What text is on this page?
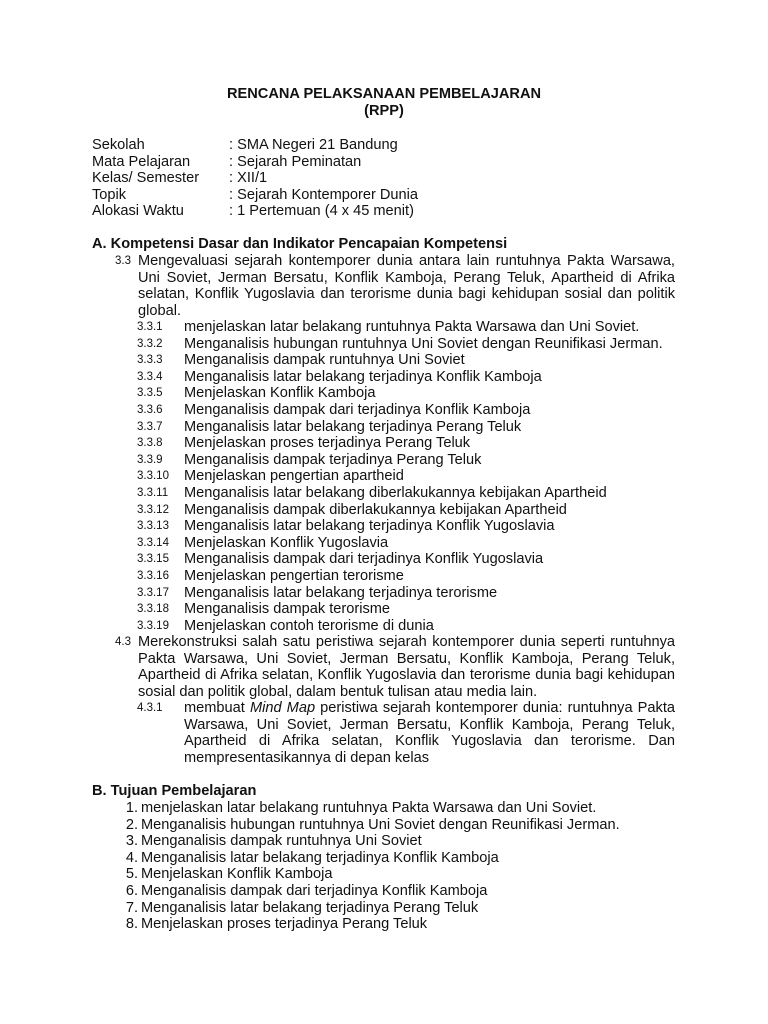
RENCANA PELAKSANAAN PEMBELAJARAN
(RPP)
Sekolah	: SMA Negeri 21 Bandung
Mata Pelajaran	: Sejarah Peminatan
Kelas/ Semester	: XII/1
Topik	: Sejarah Kontemporer Dunia
Alokasi Waktu	: 1 Pertemuan (4 x 45 menit)
A. Kompetensi Dasar dan Indikator Pencapaian Kompetensi
3.3 Mengevaluasi sejarah kontemporer dunia antara lain runtuhnya Pakta Warsawa, Uni Soviet, Jerman Bersatu, Konflik Kamboja, Perang Teluk, Apartheid di Afrika selatan, Konflik Yugoslavia dan terorisme dunia bagi kehidupan sosial dan politik global.
3.3.1	menjelaskan latar belakang runtuhnya Pakta Warsawa dan Uni Soviet.
3.3.2	Menganalisis hubungan runtuhnya Uni Soviet dengan Reunifikasi Jerman.
3.3.3	Menganalisis dampak runtuhnya Uni Soviet
3.3.4	Menganalisis latar belakang terjadinya Konflik Kamboja
3.3.5	Menjelaskan Konflik Kamboja
3.3.6	Menganalisis dampak dari terjadinya Konflik Kamboja
3.3.7	Menganalisis latar belakang terjadinya Perang Teluk
3.3.8	Menjelaskan proses terjadinya Perang Teluk
3.3.9	Menganalisis dampak terjadinya Perang Teluk
3.3.10	Menjelaskan pengertian apartheid
3.3.11	Menganalisis latar belakang diberlakukannya kebijakan Apartheid
3.3.12	Menganalisis dampak diberlakukannya kebijakan Apartheid
3.3.13	Menganalisis latar belakang terjadinya Konflik Yugoslavia
3.3.14	Menjelaskan Konflik Yugoslavia
3.3.15	Menganalisis dampak dari terjadinya Konflik Yugoslavia
3.3.16	Menjelaskan pengertian terorisme
3.3.17	Menganalisis latar belakang terjadinya terorisme
3.3.18	Menganalisis dampak terorisme
3.3.19	Menjelaskan contoh terorisme di dunia
4.3 Merekonstruksi salah satu peristiwa sejarah kontemporer dunia seperti runtuhnya Pakta Warsawa, Uni Soviet, Jerman Bersatu, Konflik Kamboja, Perang Teluk, Apartheid di Afrika selatan, Konflik Yugoslavia dan terorisme dunia bagi kehidupan sosial dan politik global, dalam bentuk tulisan atau media lain.
4.3.1	membuat Mind Map peristiwa sejarah kontemporer dunia: runtuhnya Pakta Warsawa, Uni Soviet, Jerman Bersatu, Konflik Kamboja, Perang Teluk, Apartheid di Afrika selatan, Konflik Yugoslavia dan terorisme. Dan mempresentasikannya di depan kelas
B. Tujuan Pembelajaran
1. menjelaskan latar belakang runtuhnya Pakta Warsawa dan Uni Soviet.
2. Menganalisis hubungan runtuhnya Uni Soviet dengan Reunifikasi Jerman.
3. Menganalisis dampak runtuhnya Uni Soviet
4. Menganalisis latar belakang terjadinya Konflik Kamboja
5. Menjelaskan Konflik Kamboja
6. Menganalisis dampak dari terjadinya Konflik Kamboja
7. Menganalisis latar belakang terjadinya Perang Teluk
8. Menjelaskan proses terjadinya Perang Teluk
